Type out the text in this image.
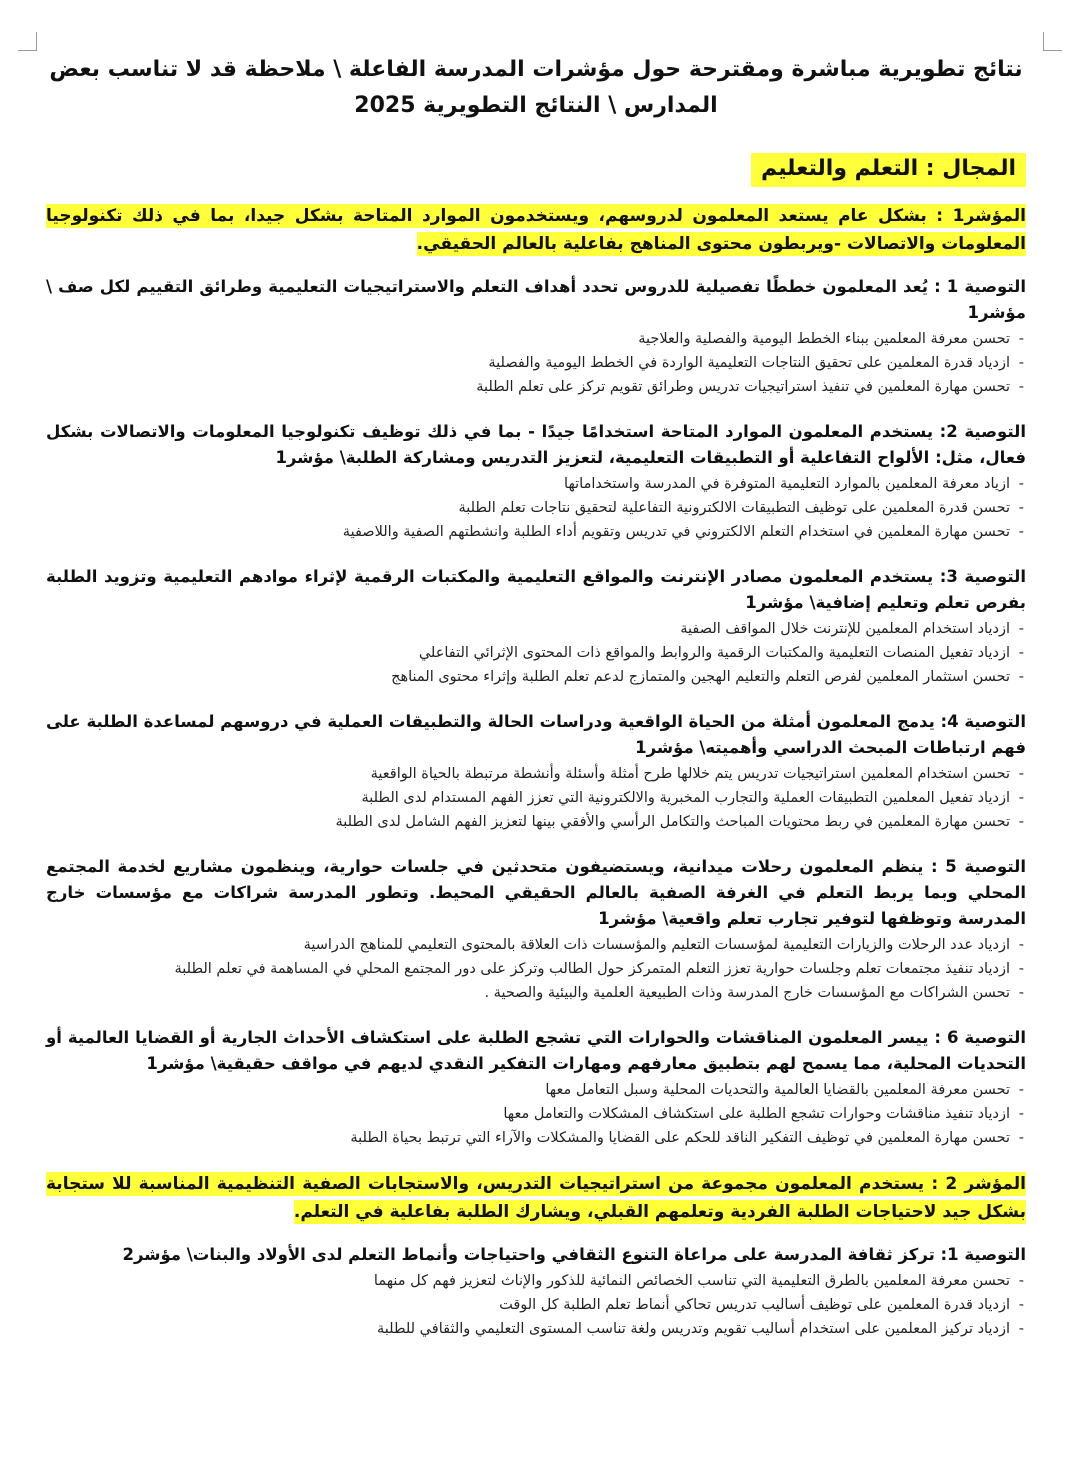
نتائج تطويرية مباشرة ومقترحة حول مؤشرات المدرسة الفاعلة \ ملاحظة قد لا تناسب بعض المدارس \ النتائج التطويرية 2025
المجال : التعلم والتعليم
المؤشر1 : بشكل عام يستعد المعلمون لدروسهم، ويستخدمون الموارد المتاحة بشكل جيدا، بما في ذلك تكنولوجيا المعلومات والاتصالات -ويربطون محتوى المناهج بفاعلية بالعالم الحقيقي.
التوصية 1 : يُعد المعلمون خططًا تفصيلية للدروس تحدد أهداف التعلم والاستراتيجيات التعليمية وطرائق التقييم لكل صف \ مؤشر1
- تحسن معرفة المعلمين ببناء الخطط اليومية والفصلية والعلاجية
- ازدياد قدرة المعلمين على تحقيق النتاجات التعليمية الواردة في الخطط اليومية والفصلية
- تحسن مهارة المعلمين في تنفيذ استراتيجيات تدريس وطرائق تقويم تركز على تعلم الطلبة
التوصية 2: يستخدم المعلمون الموارد المتاحة استخدامًا جيدًا - بما في ذلك توظيف تكنولوجيا المعلومات والاتصالات بشكل فعال، مثل: الألواح التفاعلية أو التطبيقات التعليمية، لتعزيز التدريس ومشاركة الطلبة\ مؤشر1
- ازياد معرفة المعلمين بالموارد التعليمية المتوفرة في المدرسة واستخداماتها
- تحسن قدرة المعلمين على توظيف التطبيقات الالكترونية التفاعلية لتحقيق نتاجات تعلم الطلبة
- تحسن مهارة المعلمين في استخدام التعلم الالكتروني في تدريس وتقويم أداء الطلبة وانشطتهم الصفية واللاصفية
التوصية 3: يستخدم المعلمون مصادر الإنترنت والمواقع التعليمية والمكتبات الرقمية لإثراء موادهم التعليمية وتزويد الطلبة بفرص تعلم وتعليم إضافية\ مؤشر1
- ازدياد استخدام المعلمين للإنترنت خلال المواقف الصفية
- ازدياد تفعيل المنصات التعليمية والمكتبات الرقمية والروابط والمواقع ذات المحتوى الإثرائي التفاعلي
- تحسن استثمار المعلمين لفرص التعلم والتعليم الهجين والمتمازج لدعم تعلم الطلبة وإثراء محتوى المناهج
التوصية 4: يدمج المعلمون أمثلة من الحياة الواقعية ودراسات الحالة والتطبيقات العملية في دروسهم لمساعدة الطلبة على فهم ارتباطات المبحث الدراسي وأهميته\ مؤشر1
- تحسن استخدام المعلمين استراتيجيات تدريس يتم خلالها طرح أمثلة وأسئلة وأنشطة مرتبطة بالحياة الواقعية
- ازدياد تفعيل المعلمين التطبيقات العملية والتجارب المخبرية والالكترونية التي تعزز الفهم المستدام لدى الطلبة
- تحسن مهارة المعلمين في ربط محتويات المباحث والتكامل الرأسي والأفقي بينها لتعزيز الفهم الشامل لدى الطلبة
التوصية 5 : ينظم المعلمون رحلات ميدانية، ويستضيفون متحدثين في جلسات حوارية، وينظمون مشاريع لخدمة المجتمع المحلي وبما يربط التعلم في الغرفة الصفية بالعالم الحقيقي المحيط. وتطور المدرسة شراكات مع مؤسسات خارج المدرسة وتوظفها لتوفير تجارب تعلم واقعية\ مؤشر1
- ازدياد عدد الرحلات والزيارات التعليمية لمؤسسات التعليم والمؤسسات ذات العلاقة بالمحتوى التعليمي للمناهج الدراسية
- ازدياد تنفيذ مجتمعات تعلم وجلسات حوارية تعزز التعلم المتمركز حول الطالب وتركز على دور المجتمع المحلي في المساهمة في تعلم الطلبة
- تحسن الشراكات مع المؤسسات خارج المدرسة وذات الطبيعية العلمية والبيئية والصحية .
التوصية 6 : ييسر المعلمون المناقشات والحوارات التي تشجع الطلبة على استكشاف الأحداث الجارية أو القضايا العالمية أو التحديات المحلية، مما يسمح لهم بتطبيق معارفهم ومهارات التفكير النقدي لديهم في مواقف حقيقية\ مؤشر1
- تحسن معرفة المعلمين بالقضايا العالمية والتحديات المحلية وسبل التعامل معها
- ازدياد تنفيذ مناقشات وحوارات تشجع الطلبة على استكشاف المشكلات والتعامل معها
- تحسن مهارة المعلمين في توظيف التفكير الناقد للحكم على القضايا والمشكلات والآراء التي ترتبط بحياة الطلبة
المؤشر 2 : يستخدم المعلمون مجموعة من استراتيجيات التدريس، والاستجابات الصفية التنظيمية المناسبة للا ستجابة بشكل جيد لاحتياجات الطلبة الفردية وتعلمهم القبلي، ويشارك الطلبة بفاعلية في التعلم.
التوصية 1: تركز ثقافة المدرسة على مراعاة التنوع الثقافي واحتياجات وأنماط التعلم لدى الأولاد والبنات\ مؤشر2
- تحسن معرفة المعلمين بالطرق التعليمية التي تناسب الخصائص النمائية للذكور والإناث لتعزيز فهم كل منهما
- ازدياد قدرة المعلمين على توظيف أساليب تدريس تحاكي أنماط تعلم الطلبة كل الوقت
- ازدياد تركيز المعلمين على استخدام أساليب تقويم وتدريس ولغة تناسب المستوى التعليمي والثقافي للطلبة
